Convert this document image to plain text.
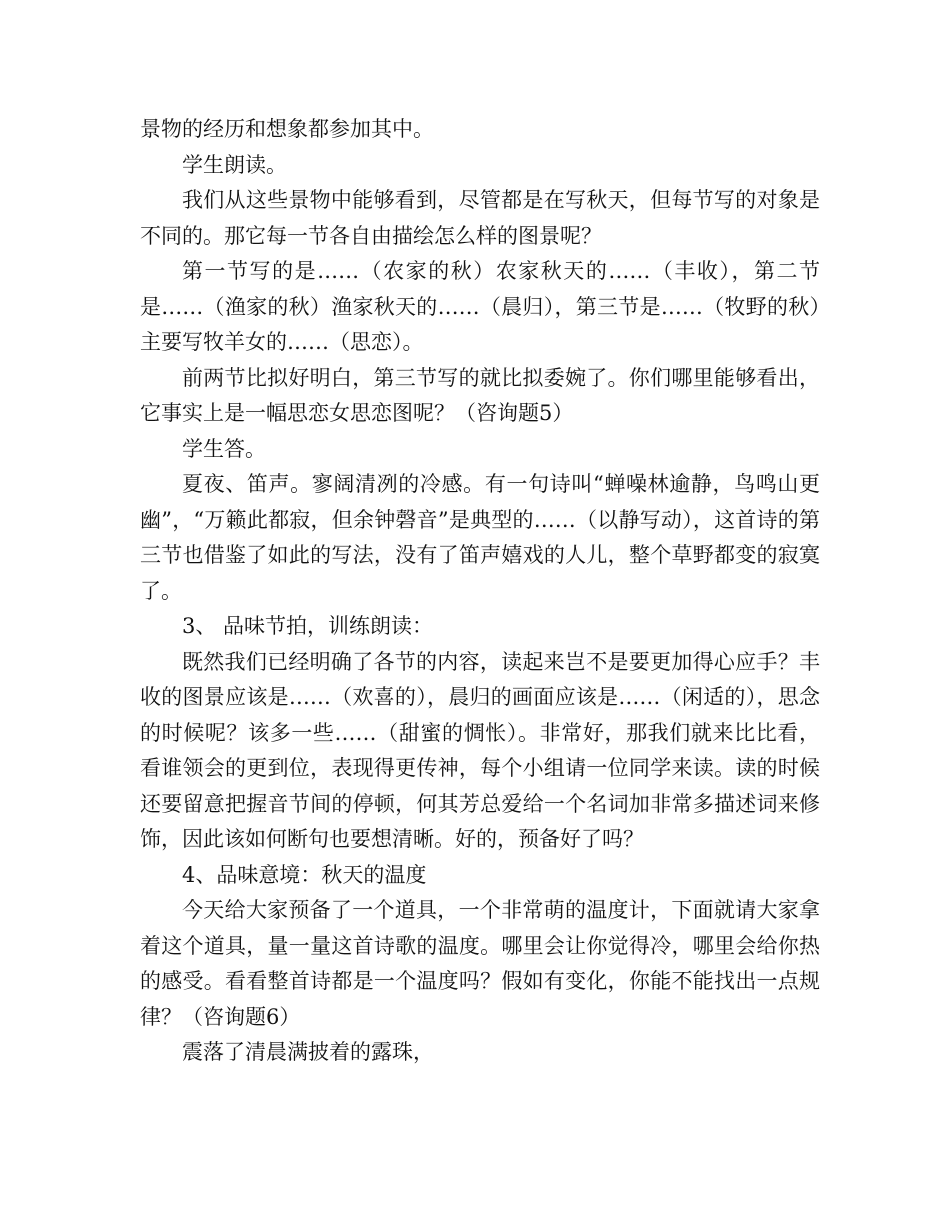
景物的经历和想象都参加其中。

学生朗读。

我们从这些景物中能够看到，尽管都是在写秋天，但每节写的对象是不同的。那它每一节各自由描绘怎么样的图景呢？

第一节写的是……（农家的秋）农家秋天的……（丰收），第二节是……（渔家的秋）渔家秋天的……（晨归），第三节是……（牧野的秋）主要写牧羊女的……（思恋）。

前两节比拟好明白，第三节写的就比拟委婉了。你们哪里能够看出，它事实上是一幅思恋女思恋图呢？（咨询题5）

学生答。

夏夜、笛声。寥阔清冽的冷感。有一句诗叫“蝉噪林逾静，鸟鸣山更幽”，“万籁此都寂，但余钟磬音”是典型的……（以静写动），这首诗的第三节也借鉴了如此的写法，没有了笛声嬉戏的人儿，整个草野都变的寂寞了。

3、 品味节拍，训练朗读：

既然我们已经明确了各节的内容，读起来岂不是要更加得心应手？丰收的图景应该是……（欢喜的），晨归的画面应该是……（闲适的），思念的时候呢？该多一些……（甜蜜的惆怅）。非常好，那我们就来比比看，看谁领会的更到位，表现得更传神，每个小组请一位同学来读。读的时候还要留意把握音节间的停顿，何其芳总爱给一个名词加非常多描述词来修饰，因此该如何断句也要想清晰。好的，预备好了吗？

4、品味意境：秋天的温度

今天给大家预备了一个道具，一个非常萌的温度计，下面就请大家拿着这个道具，量一量这首诗歌的温度。哪里会让你觉得冷，哪里会给你热的感受。看看整首诗都是一个温度吗？假如有变化，你能不能找出一点规律？（咨询题6）

震落了清晨满披着的露珠，
